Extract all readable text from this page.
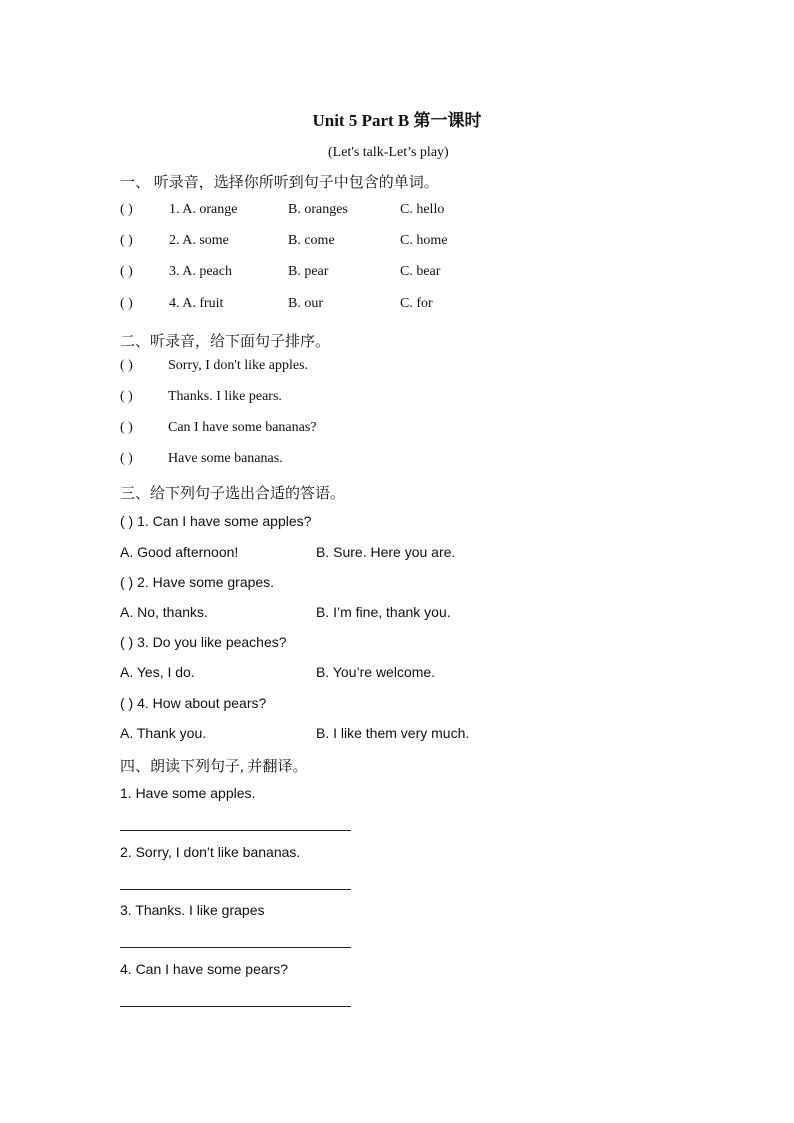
Unit 5 Part B 第一课时
(Let's talk-Let’s play)
一、 听录音，选择你所听到句子中包含的单词。
( )	1. A. orange	B. oranges	C. hello
( )	2. A. some	B. come	C. home
( )	3. A. peach	B. pear	C. bear
( )	4. A. fruit	B. our	C. for
二、听录音，给下面句子排序。
( )	Sorry, I don't like apples.
( )	Thanks. I like pears.
( )	Can I have some bananas?
( )	Have some bananas.
三、给下列句子选出合适的答语。
( ) 1. Can I have some apples?
A. Good afternoon!	B. Sure. Here you are.
( ) 2. Have some grapes.
A. No, thanks.	B. I’m fine, thank you.
( ) 3. Do you like peaches?
A. Yes, I do.	B. You’re welcome.
( ) 4. How about pears?
A. Thank you.	B. I like them very much.
四、朗读下列句子, 并翻译。
1. Have some apples.
2. Sorry, I don’t like bananas.
3. Thanks. I like grapes
4. Can I have some pears?
